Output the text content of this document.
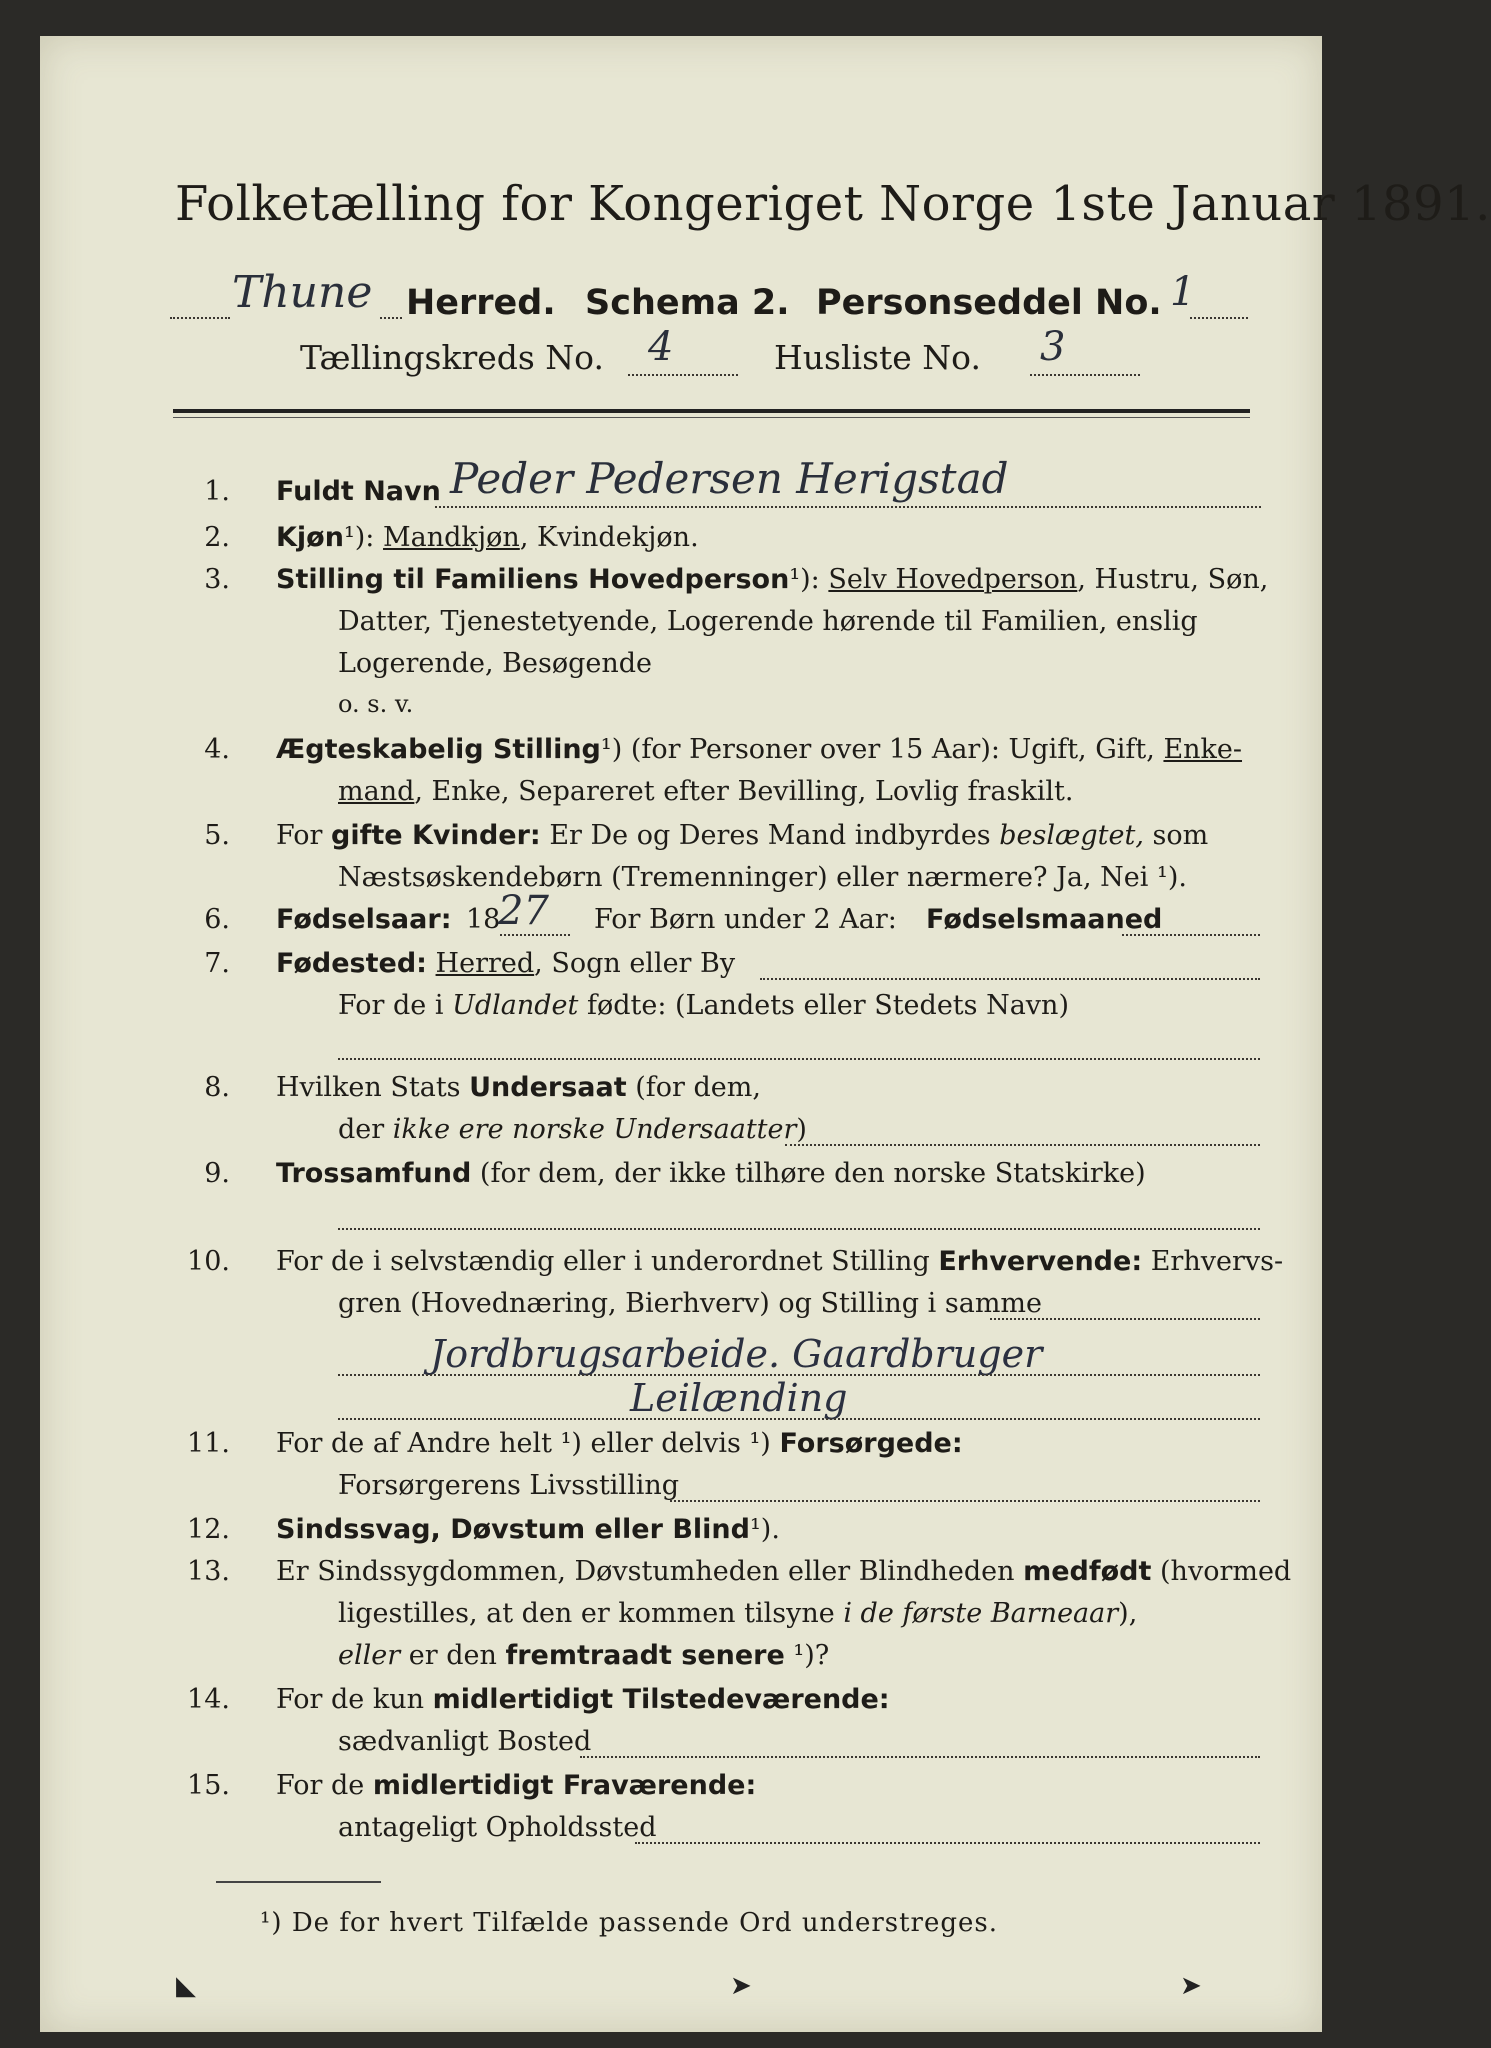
Folketælling for Kongeriget Norge 1ste Januar 1891.
Thune Herred. Schema 2. Personseddel No. 1
Tællingskreds No. 4	Husliste No. 3
1. Fuldt Navn Peder Pedersen Herigstad
2. Kjøn¹): Mandkjøn, Kvindekjøn.
3. Stilling til Familiens Hovedperson¹): Selv Hovedperson, Hustru, Søn,
Datter, Tjenestetyende, Logerende hørende til Familien, enslig
Logerende, Besøgende
o. s. v.
4. Ægteskabelig Stilling¹) (for Personer over 15 Aar): Ugift, Gift, Enke-
mand, Enke, Separeret efter Bevilling, Lovlig fraskilt.
5. For gifte Kvinder: Er De og Deres Mand indbyrdes beslægtet, som
Næstsøskendebørn (Tremenninger) eller nærmere? Ja, Nei ¹).
6. Fødselsaar: 18
27 For Børn under 2 Aar: Fødselsmaaned
7. Fødested: Herred, Sogn eller By
For de i Udlandet fødte: (Landets eller Stedets Navn)
8. Hvilken Stats Undersaat (for dem,
der ikke ere norske Undersaatter)
9. Trossamfund (for dem, der ikke tilhøre den norske Statskirke)
10. For de i selvstændig eller i underordnet Stilling Erhvervende: Erhvervs-
gren (Hovednæring, Bierhverv) og Stilling i samme
Jordbrugsarbeide. Gaardbruger
Leilænding
11. For de af Andre helt ¹) eller delvis ¹) Forsørgede:
Forsørgerens Livsstilling
12. Sindssvag, Døvstum eller Blind¹).
13. Er Sindssygdommen, Døvstumheden eller Blindheden medfødt (hvormed
ligestilles, at den er kommen tilsyne i de første Barneaar),
eller er den fremtraadt senere ¹)?
14. For de kun midlertidigt Tilstedeværende:
sædvanligt Bosted
15. For de midlertidigt Fraværende:
antageligt Opholdssted
¹) De for hvert Tilfælde passende Ord understreges.
◣	➤	➤
